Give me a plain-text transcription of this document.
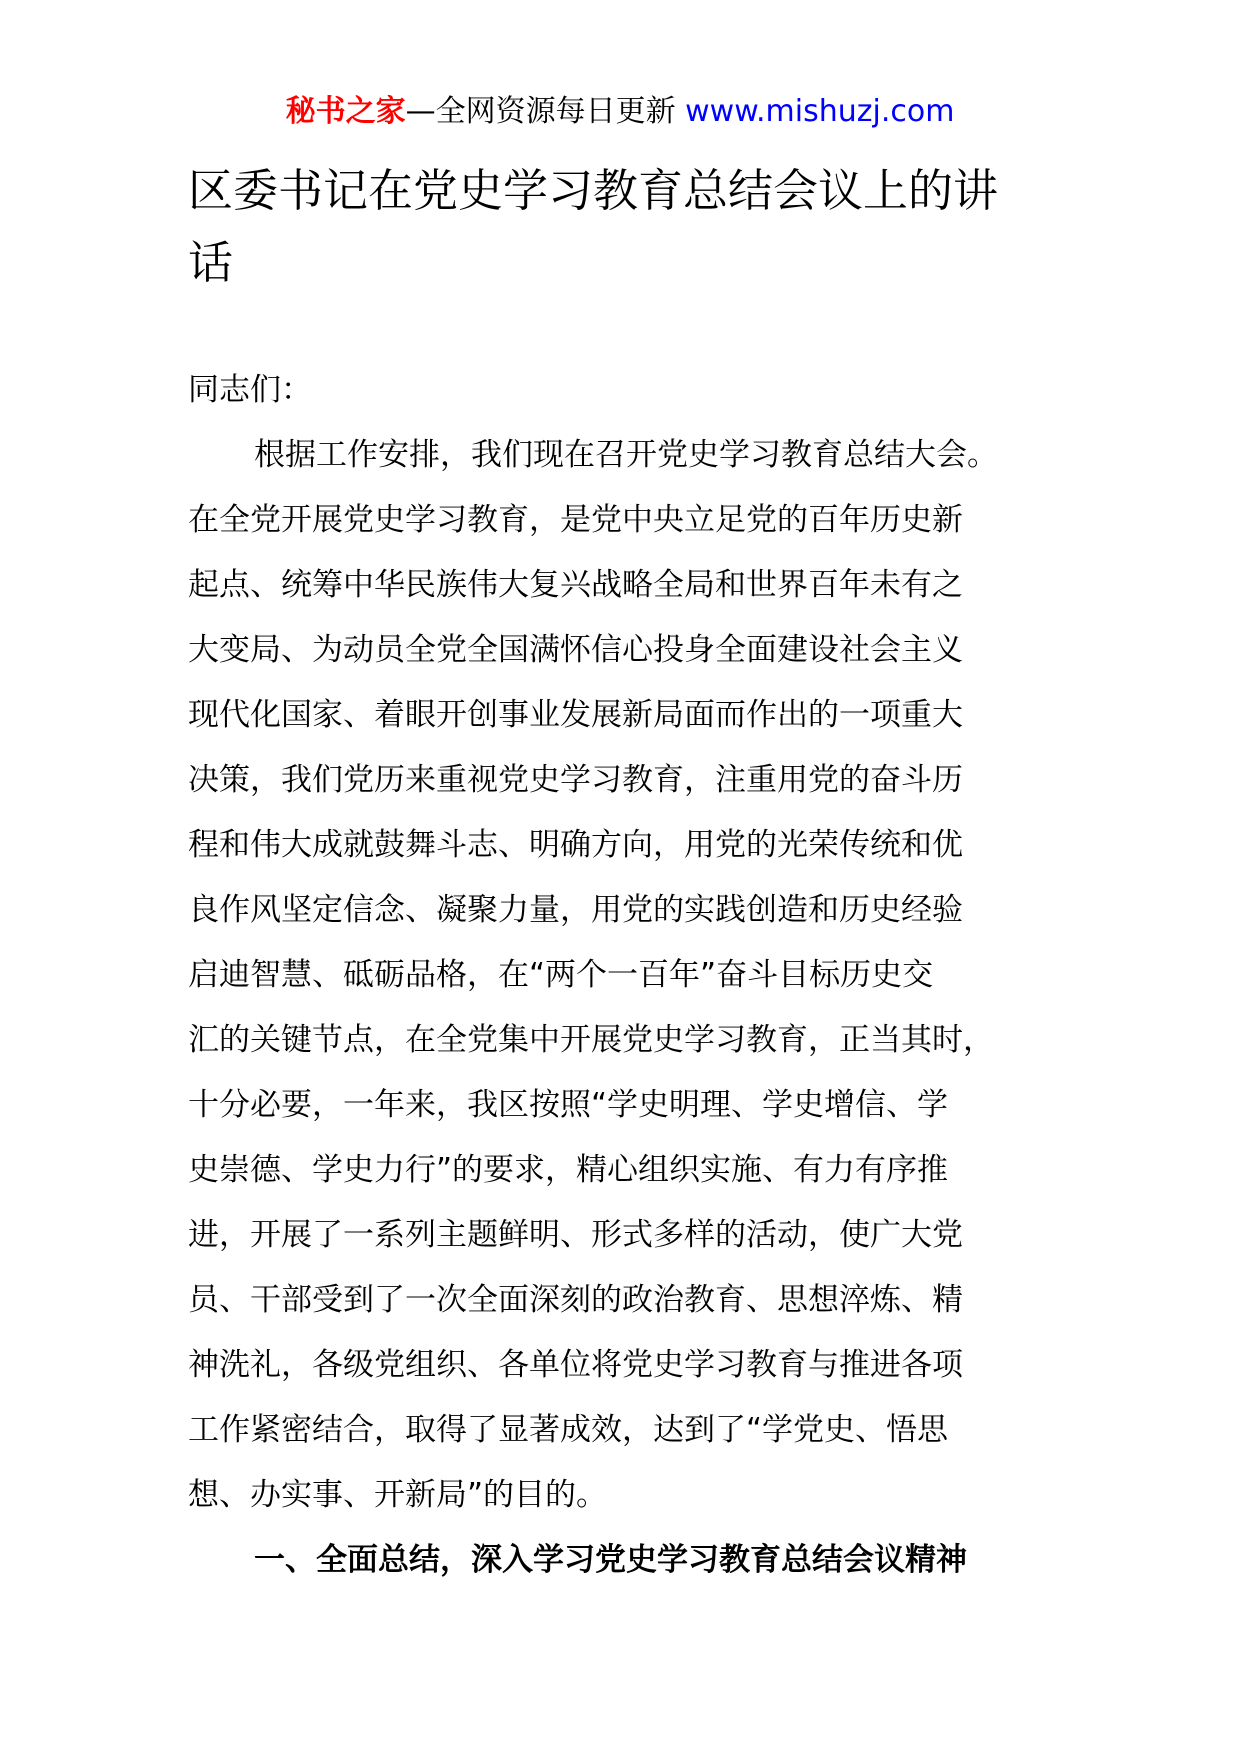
秘书之家—全网资源每日更新 www.mishuzj.com
区委书记在党史学习教育总结会议上的讲
话

同志们：

根据工作安排，我们现在召开党史学习教育总结大会。
在全党开展党史学习教育，是党中央立足党的百年历史新
起点、统筹中华民族伟大复兴战略全局和世界百年未有之
大变局、为动员全党全国满怀信心投身全面建设社会主义
现代化国家、着眼开创事业发展新局面而作出的一项重大
决策，我们党历来重视党史学习教育，注重用党的奋斗历
程和伟大成就鼓舞斗志、明确方向，用党的光荣传统和优
良作风坚定信念、凝聚力量，用党的实践创造和历史经验
启迪智慧、砥砺品格，在“两个一百年”奋斗目标历史交
汇的关键节点，在全党集中开展党史学习教育，正当其时，
十分必要，一年来，我区按照“学史明理、学史增信、学
史崇德、学史力行”的要求，精心组织实施、有力有序推
进，开展了一系列主题鲜明、形式多样的活动，使广大党
员、干部受到了一次全面深刻的政治教育、思想淬炼、精
神洗礼，各级党组织、各单位将党史学习教育与推进各项
工作紧密结合，取得了显著成效，达到了“学党史、悟思
想、办实事、开新局”的目的。

一、全面总结，深入学习党史学习教育总结会议精神
